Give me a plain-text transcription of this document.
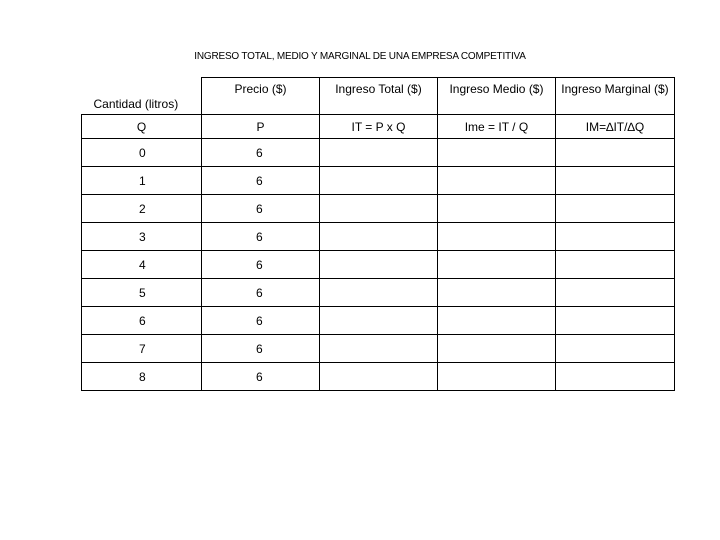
INGRESO TOTAL, MEDIO Y MARGINAL DE UNA EMPRESA COMPETITIVA
Cantidad (litros)	Precio ($)	Ingreso Total ($)	Ingreso Medio ($)	Ingreso Marginal ($)
Q	P	IT = P x Q	Ime = IT / Q	IM=∆IT/∆Q
0	6			
1	6			
2	6			
3	6			
4	6			
5	6			
6	6			
7	6			
8	6			
